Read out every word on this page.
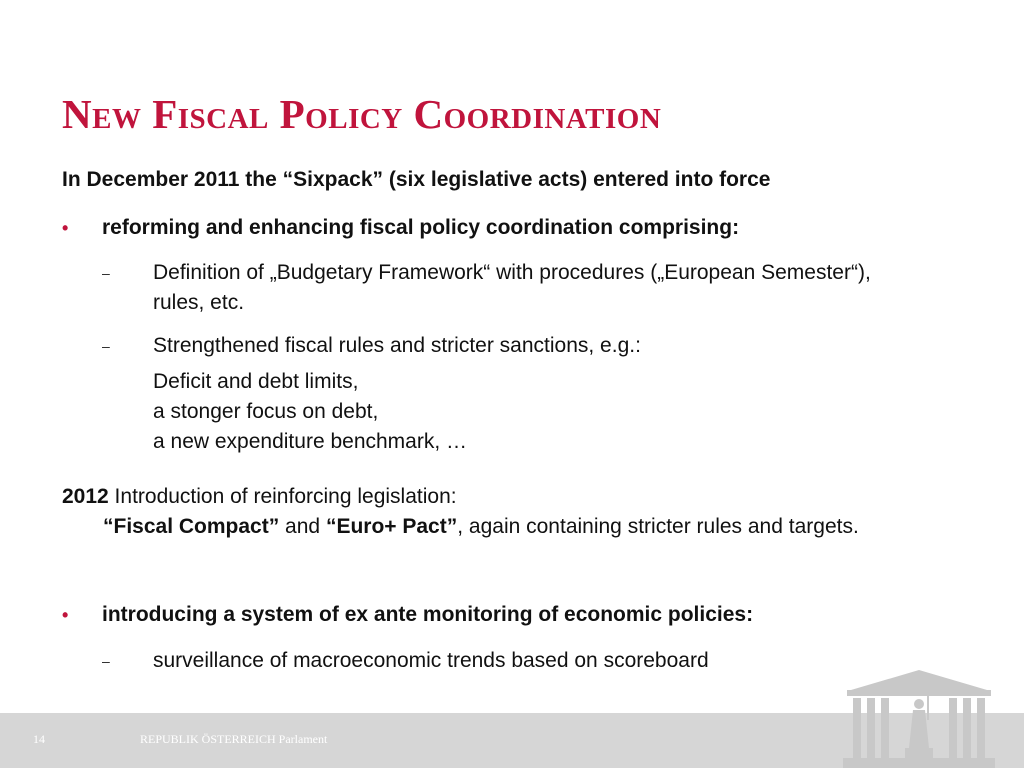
New Fiscal Policy Coordination
In December 2011 the “Sixpack” (six legislative acts) entered into force
• reforming and enhancing fiscal policy coordination comprising:
– Definition of „Budgetary Framework“ with procedures („European Semester“), rules, etc.
– Strengthened fiscal rules and stricter sanctions, e.g.:
Deficit and debt limits,
a stonger focus on debt,
a new expenditure benchmark, …
2012 Introduction of reinforcing legislation:
“Fiscal Compact” and “Euro+ Pact”, again containing stricter rules and targets.
• introducing a system of ex ante monitoring of economic policies:
– surveillance of macroeconomic trends based on scoreboard
14	REPUBLIK ÖSTERREICH Parlament
